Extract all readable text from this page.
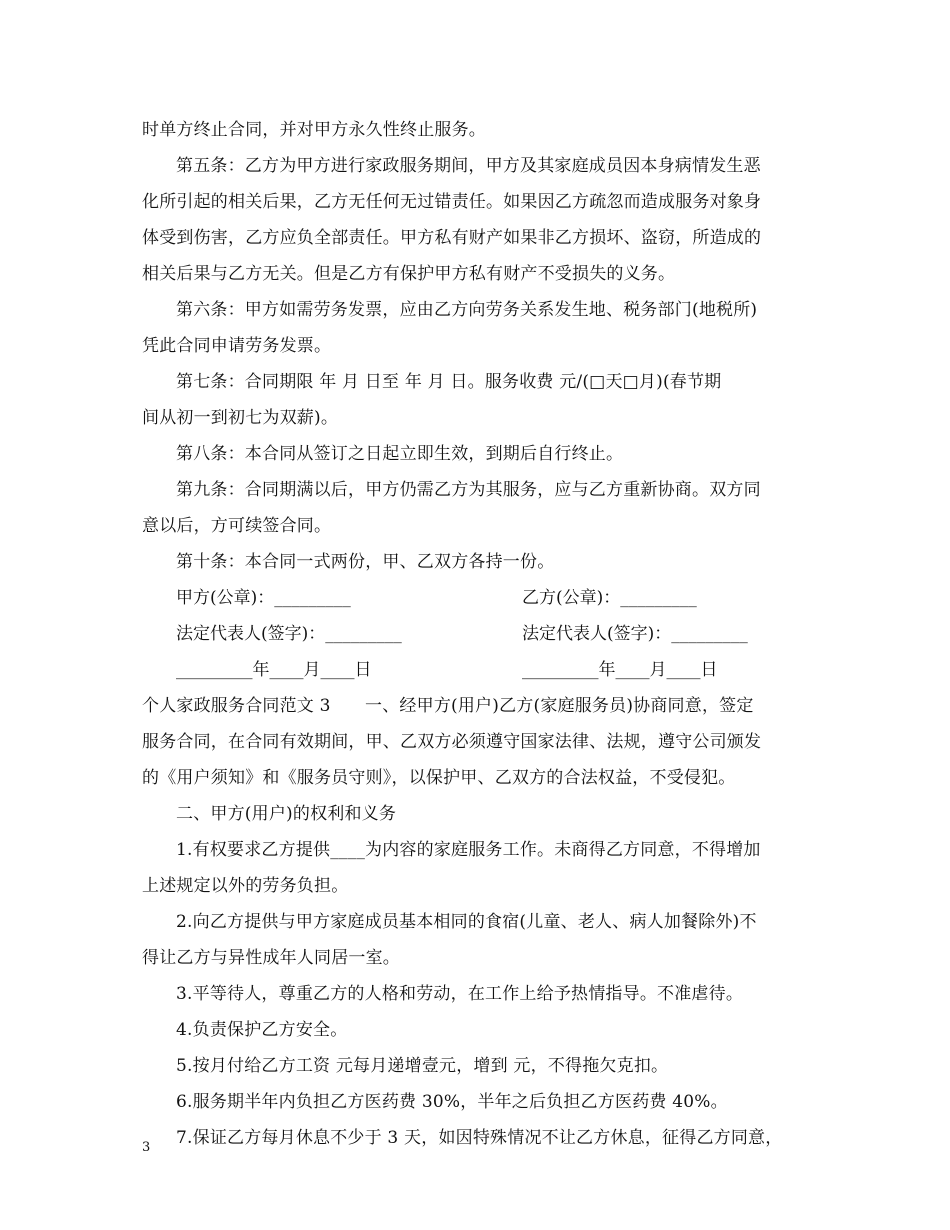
时单方终止合同，并对甲方永久性终止服务。
第五条：乙方为甲方进行家政服务期间，甲方及其家庭成员因本身病情发生恶
化所引起的相关后果，乙方无任何无过错责任。如果因乙方疏忽而造成服务对象身
体受到伤害，乙方应负全部责任。甲方私有财产如果非乙方损坏、盗窃，所造成的
相关后果与乙方无关。但是乙方有保护甲方私有财产不受损失的义务。
第六条：甲方如需劳务发票，应由乙方向劳务关系发生地、税务部门(地税所)
凭此合同申请劳务发票。
第七条：合同期限 年 月 日至 年 月 日。服务收费 元/(□天□月)(春节期
间从初一到初七为双薪)。
第八条：本合同从签订之日起立即生效，到期后自行终止。
第九条：合同期满以后，甲方仍需乙方为其服务，应与乙方重新协商。双方同
意以后，方可续签合同。
第十条：本合同一式两份，甲、乙双方各持一份。
甲方(公章)：_________	乙方(公章)：_________
法定代表人(签字)：_________	法定代表人(签字)：_________
_________年____月____日	_________年____月____日
个人家政服务合同范文 3　　一、经甲方(用户)乙方(家庭服务员)协商同意，签定
服务合同，在合同有效期间，甲、乙双方必须遵守国家法律、法规，遵守公司颁发
的《用户须知》和《服务员守则》，以保护甲、乙双方的合法权益，不受侵犯。
二、甲方(用户)的权利和义务
1.有权要求乙方提供____为内容的家庭服务工作。未商得乙方同意，不得增加
上述规定以外的劳务负担。
2.向乙方提供与甲方家庭成员基本相同的食宿(儿童、老人、病人加餐除外)不
得让乙方与异性成年人同居一室。
3.平等待人，尊重乙方的人格和劳动，在工作上给予热情指导。不准虐待。
4.负责保护乙方安全。
5.按月付给乙方工资 元每月递增壹元，增到 元，不得拖欠克扣。
6.服务期半年内负担乙方医药费 30%，半年之后负担乙方医药费 40%。
7.保证乙方每月休息不少于 3 天，如因特殊情况不让乙方休息，征得乙方同意，
3
